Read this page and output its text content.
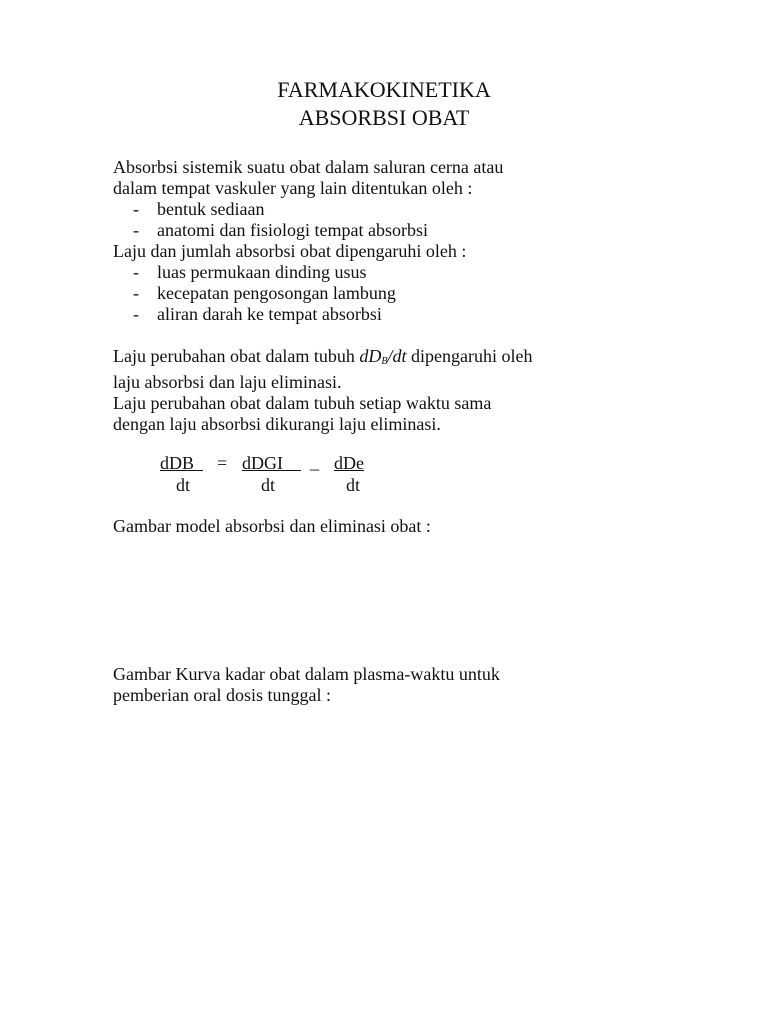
FARMAKOKINETIKA
ABSORBSI OBAT
Absorbsi sistemik suatu obat dalam saluran cerna atau
dalam tempat vaskuler yang lain ditentukan oleh :
- bentuk sediaan
- anatomi dan fisiologi tempat absorbsi
Laju dan jumlah absorbsi obat dipengaruhi oleh :
- luas permukaan dinding usus
- kecepatan pengosongan lambung
- aliran darah ke tempat absorbsi
Laju perubahan obat dalam tubuh $dD_B/dt$ dipengaruhi oleh
laju absorbsi dan laju eliminasi.
Laju perubahan obat dalam tubuh setiap waktu sama
dengan laju absorbsi dikurangi laju eliminasi.
dDB	= dDGI	_ dDe
dt	dt	dt
Gambar model absorbsi dan eliminasi obat :
Gambar Kurva kadar obat dalam plasma-waktu untuk
pemberian oral dosis tunggal :
